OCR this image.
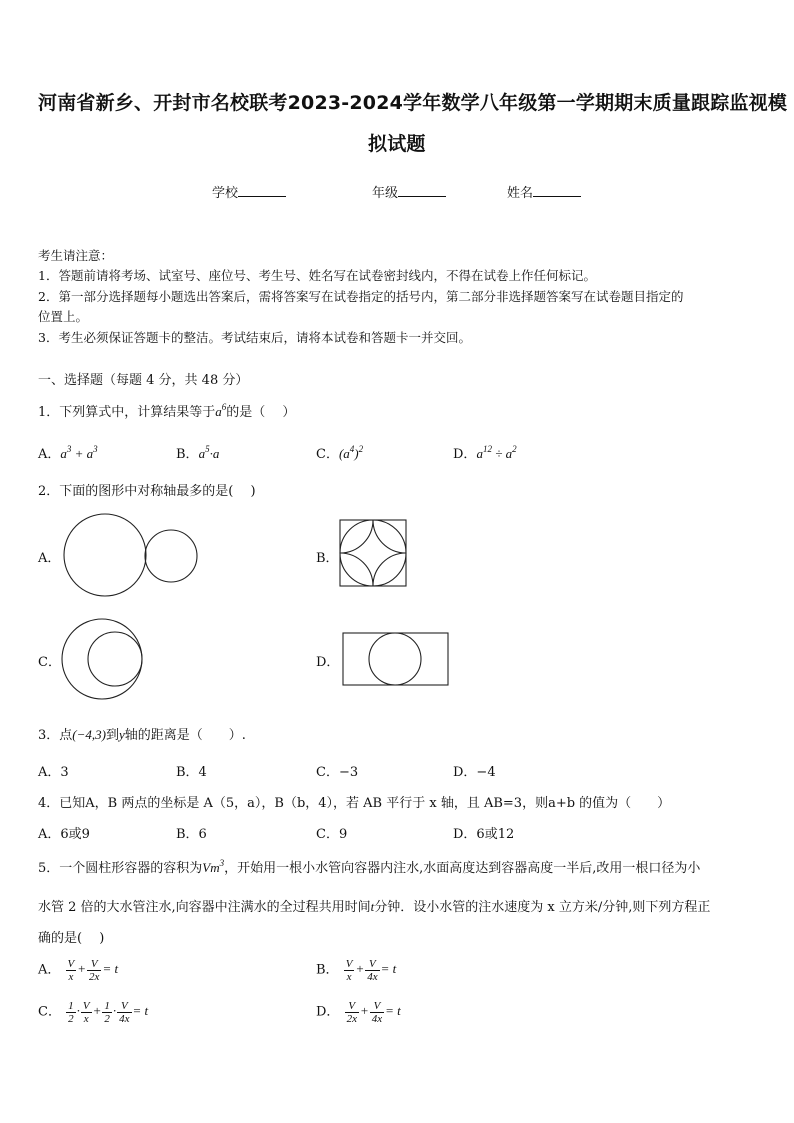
河南省新乡、开封市名校联考2023-2024学年数学八年级第一学期期末质量跟踪监视模
拟试题
学校	年级	姓名
考生请注意：
1．答题前请将考场、试室号、座位号、考生号、姓名写在试卷密封线内，不得在试卷上作任何标记。
2．第一部分选择题每小题选出答案后，需将答案写在试卷指定的括号内，第二部分非选择题答案写在试卷题目指定的
位置上。
3．考生必须保证答题卡的整洁。考试结束后，请将本试卷和答题卡一并交回。
一、选择题（每题 4 分，共 48 分）
1．下列算式中，计算结果等于$a^6$的是（　 ）
A．$a^3 + a^3$	B．$a^5\cdot a$	C．$(a^4)^2$	D．$a^{12} \div a^2$
2．下面的图形中对称轴最多的是(　 )
A．	B．
C．	D．
3．点(−4,3)到y轴的距离是（　　）.
A．3	B．4	C．−3	D．−4
4．已知A，B 两点的坐标是 A（5，a），B（b，4），若 AB 平行于 x 轴，且 AB=3，则a+b 的值为（　　）
A．6或9	B．6	C．9	D．6或12
5．一个圆柱形容器的容积为Vm$^3$，开始用一根小水管向容器内注水,水面高度达到容器高度一半后,改用一根口径为小
水管 2 倍的大水管注水,向容器中注满水的全过程共用时间t分钟．设小水管的注水速度为 x 立方米/分钟,则下列方程正
确的是(　 )
A． $\frac{V}{x} + \frac{V}{2x} = t$	B． $\frac{V}{x} + \frac{V}{4x} = t$
C． $\frac{1}{2} \cdot \frac{V}{x} + \frac{1}{2} \cdot \frac{V}{4x} = t$	D． $\frac{V}{2x} + \frac{V}{4x} = t$
